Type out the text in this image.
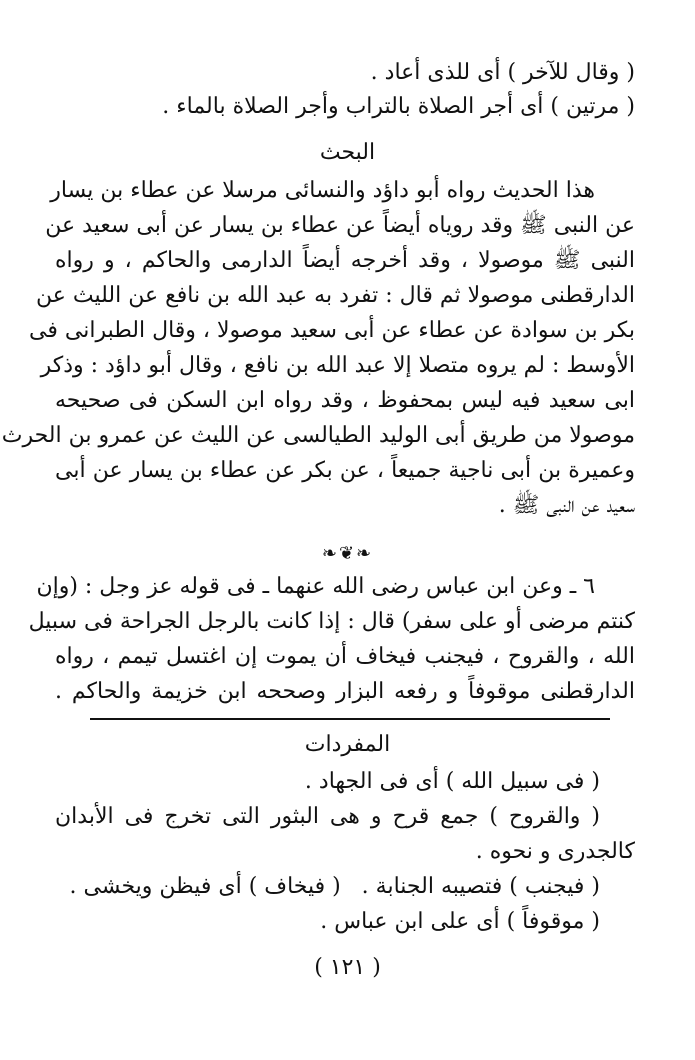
( وقال للآخر ) أى للذى أعاد .

( مرتين ) أى أجر الصلاة بالتراب وأجر الصلاة بالماء .

البحث

هذا الحديث رواه أبو داؤد والنسائى مرسلا عن عطاء بن يسار

عن النبى ﷺ وقد روياه أيضاً عن عطاء بن يسار عن أبى سعيد عن

النبى ﷺ موصولا ، وقد أخرجه أيضاً الدارمى والحاكم ، و رواه

الدارقطنى موصولا ثم قال : تفرد به عبد الله بن نافع عن الليث عن

بكر بن سوادة عن عطاء عن أبى سعيد موصولا ، وقال الطبرانى فى

الأوسط : لم يروه متصلا إلا عبد الله بن نافع ، وقال أبو داؤد : وذكر

ابى سعيد فيه ليس بمحفوظ ، وقد رواه ابن السكن فى صحيحه

موصولا من طريق أبى الوليد الطيالسى عن الليث عن عمرو بن الحرث

وعميرة بن أبى ناجية جميعاً ، عن بكر عن عطاء بن يسار عن أبى

سعيد عن النبى ﷺ .

❧❦❧

٦ ـ وعن ابن عباس رضى الله عنهما ـ فى قوله عز وجل : (وإن

كنتم مرضى أو على سفر) قال : إذا كانت بالرجل الجراحة فى سبيل

الله ، والقروح ، فيجنب فيخاف أن يموت إن اغتسل تيمم ، رواه

الدارقطنى موقوفاً و رفعه البزار وصححه ابن خزيمة والحاكم .

المفردات

( فى سبيل الله ) أى فى الجهاد .

( والقروح ) جمع قرح و هى البثور التى تخرج فى الأبدان

كالجدرى و نحوه .

( فيجنب ) فتصيبه الجنابة .   ( فيخاف ) أى فيظن ويخشى .

( موقوفاً ) أى على ابن عباس .

( ١٢١ )
